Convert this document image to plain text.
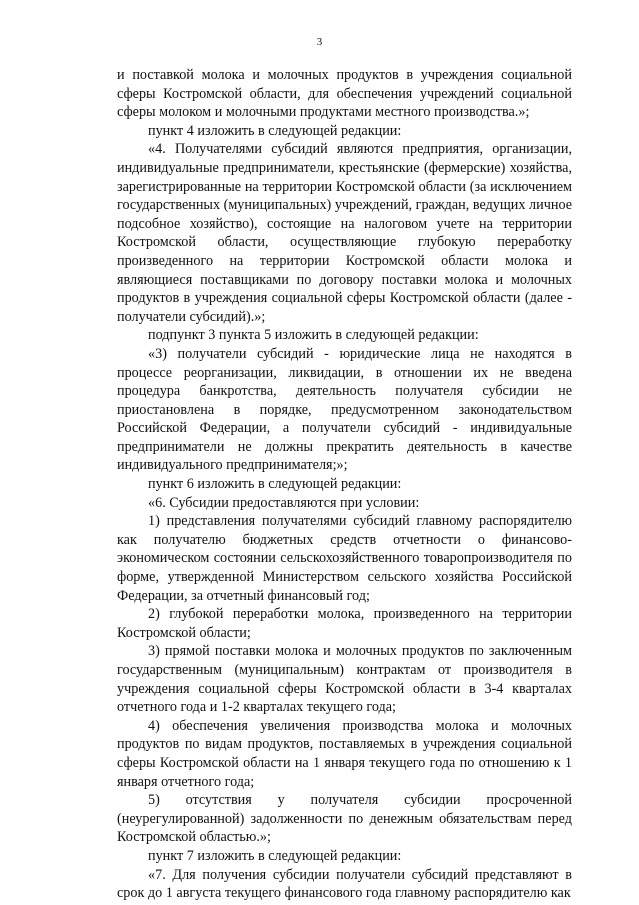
3

и поставкой молока и молочных продуктов в учреждения социальной сферы Костромской области, для обеспечения учреждений социальной сферы молоком и молочными продуктами местного производства.»;

пункт 4 изложить в следующей редакции:

«4. Получателями субсидий являются предприятия, организации, индивидуальные предприниматели, крестьянские (фермерские) хозяйства, зарегистрированные на территории Костромской области (за исключением государственных (муниципальных) учреждений, граждан, ведущих личное подсобное хозяйство), состоящие на налоговом учете на территории Костромской области, осуществляющие глубокую переработку произведенного на территории Костромской области молока и являющиеся поставщиками по договору поставки молока и молочных продуктов в учреждения социальной сферы Костромской области (далее - получатели субсидий).»;

подпункт 3 пункта 5 изложить в следующей редакции:

«3) получатели субсидий - юридические лица не находятся в процессе реорганизации, ликвидации, в отношении их не введена процедура банкротства, деятельность получателя субсидии не приостановлена в порядке, предусмотренном законодательством Российской Федерации, а получатели субсидий - индивидуальные предприниматели не должны прекратить деятельность в качестве индивидуального предпринимателя;»;

пункт 6 изложить в следующей редакции:

«6. Субсидии предоставляются при условии:

1) представления получателями субсидий главному распорядителю как получателю бюджетных средств отчетности о финансово-экономическом состоянии сельскохозяйственного товаропроизводителя по форме, утвержденной Министерством сельского хозяйства Российской Федерации, за отчетный финансовый год;

2) глубокой переработки молока, произведенного на территории Костромской области;

3) прямой поставки молока и молочных продуктов по заключенным государственным (муниципальным) контрактам от производителя в учреждения социальной сферы Костромской области в 3-4 кварталах отчетного года и 1-2 кварталах текущего года;

4) обеспечения увеличения производства молока и молочных продуктов по видам продуктов, поставляемых в учреждения социальной сферы Костромской области на 1 января текущего года по отношению к 1 января отчетного года;

5) отсутствия у получателя субсидии просроченной (неурегулированной) задолженности по денежным обязательствам перед Костромской областью.»;

пункт 7 изложить в следующей редакции:

«7. Для получения субсидии получатели субсидий представляют в срок до 1 августа текущего финансового года главному распорядителю как
